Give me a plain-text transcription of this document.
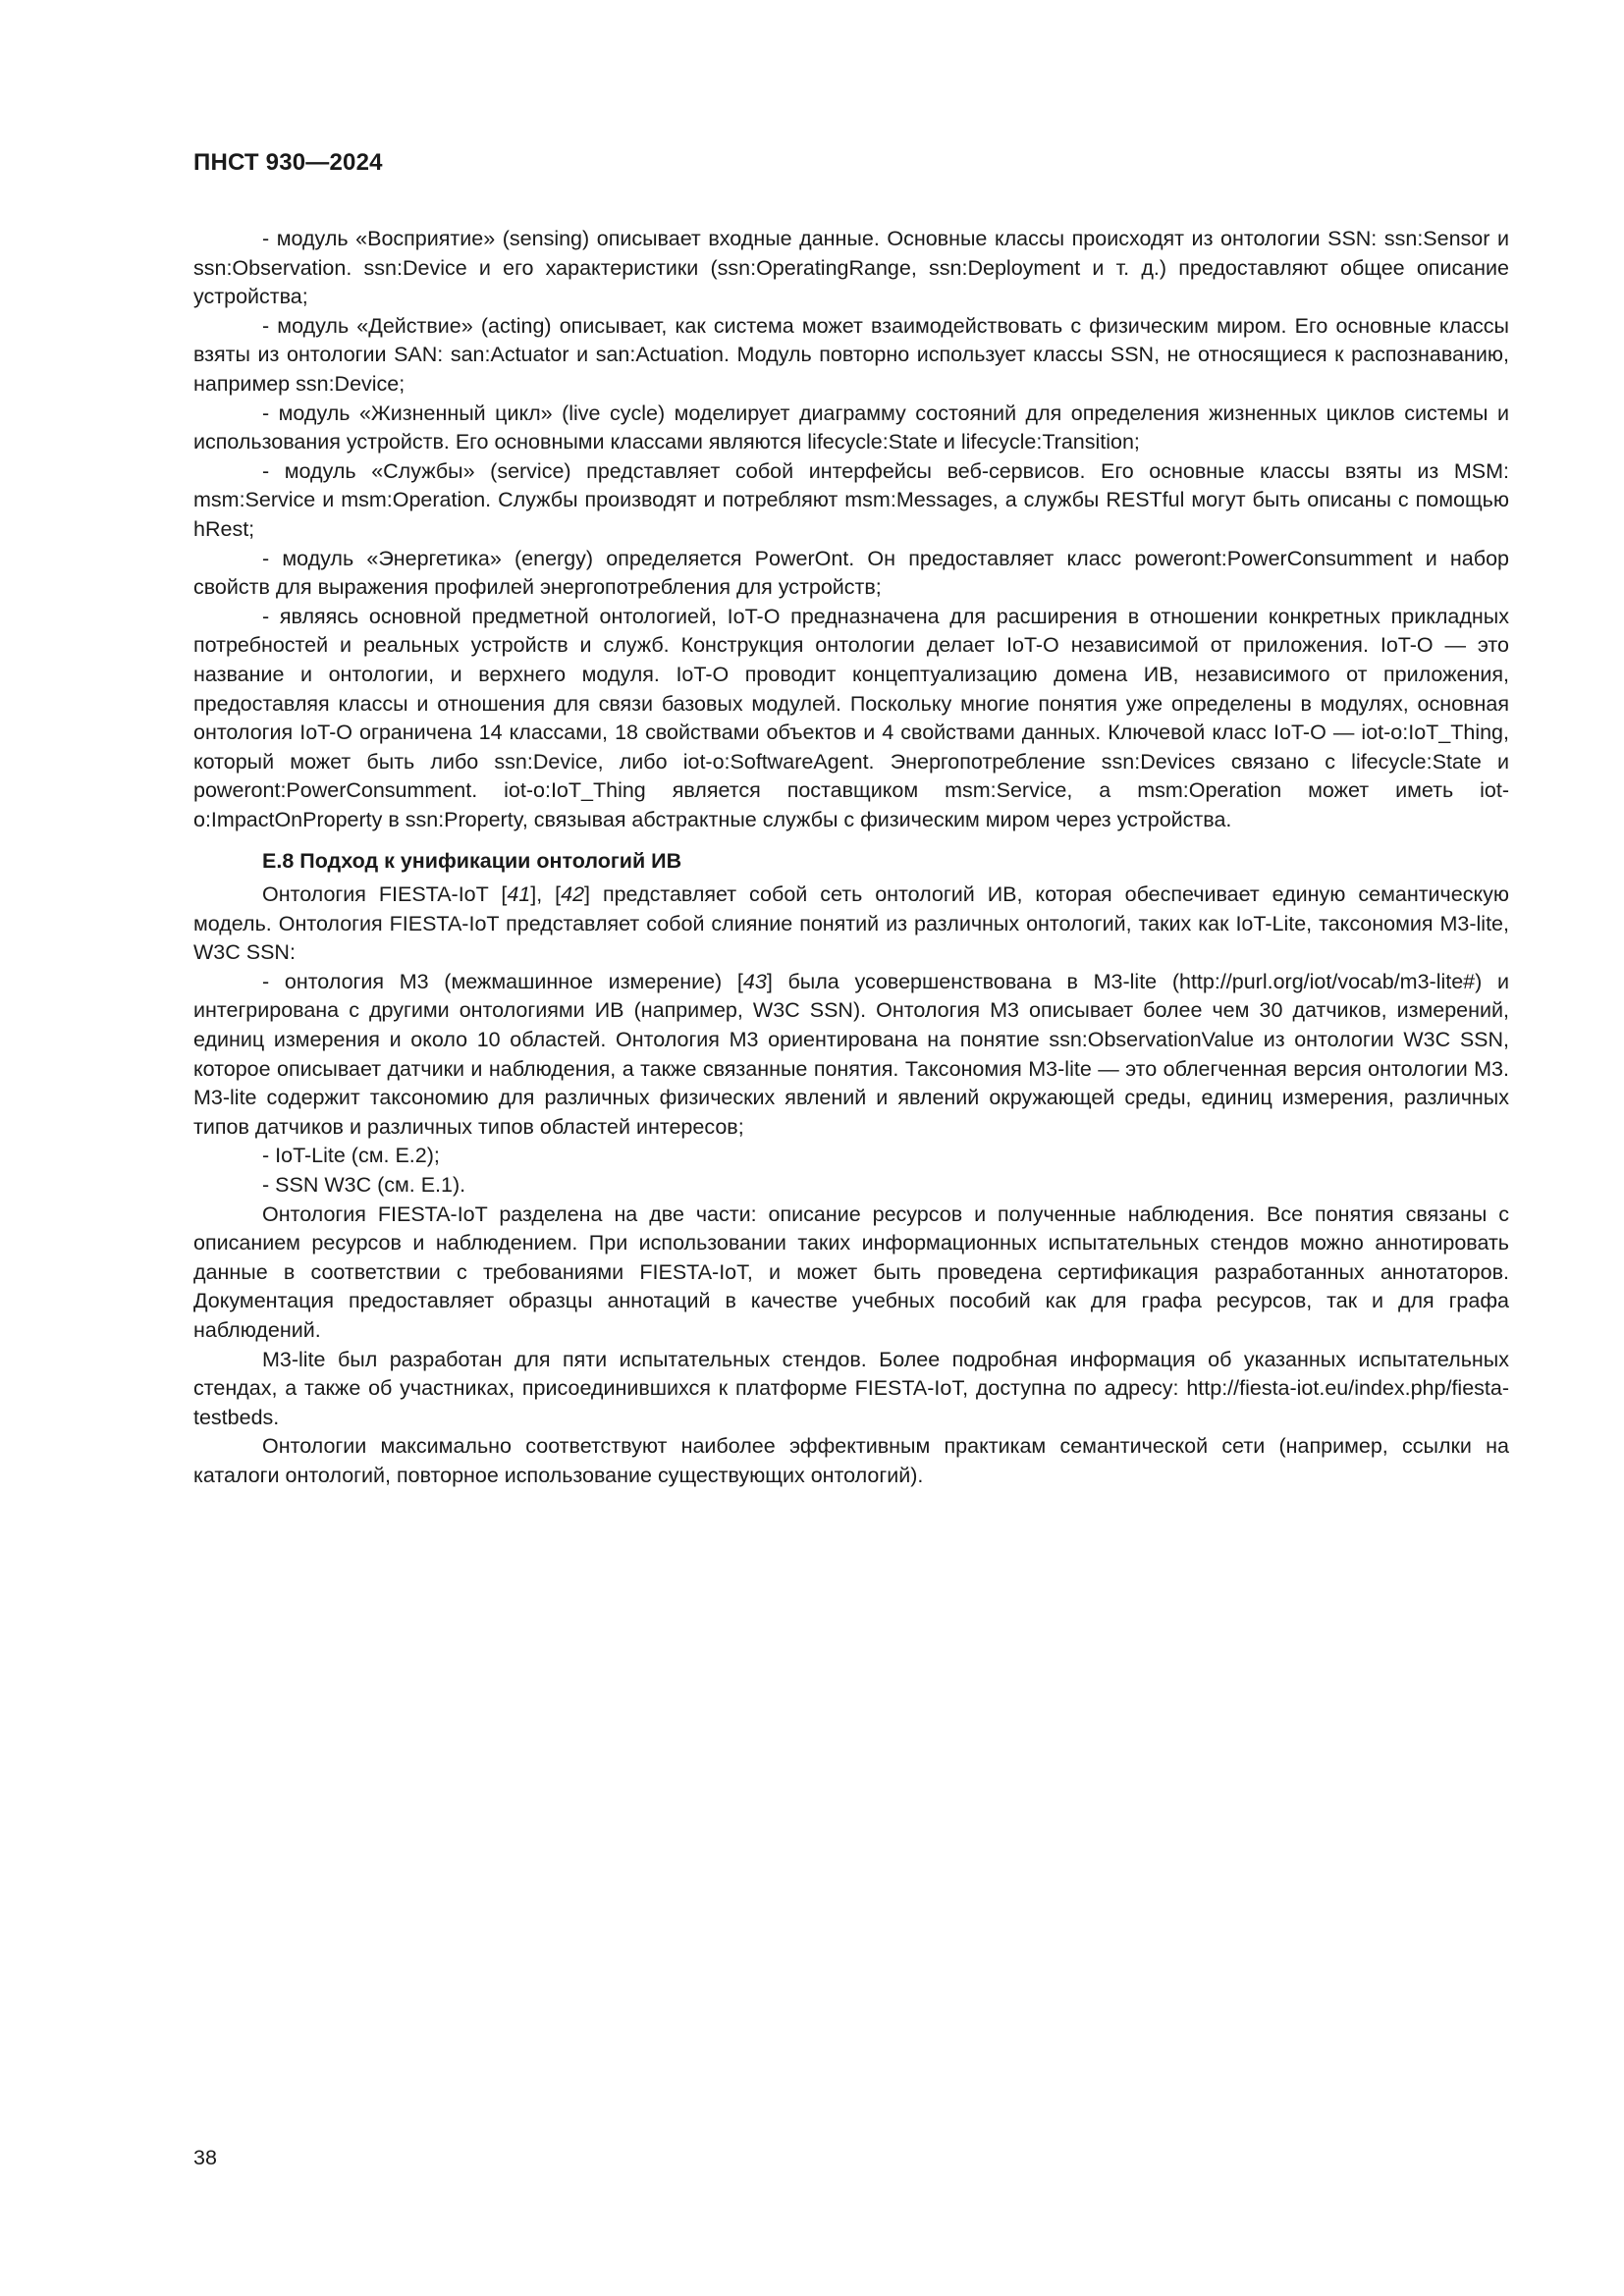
ПНСТ 930—2024

- модуль «Восприятие» (sensing) описывает входные данные. Основные классы происходят из онтологии SSN: ssn:Sensor и ssn:Observation. ssn:Device и его характеристики (ssn:OperatingRange, ssn:Deployment и т. д.) предоставляют общее описание устройства;

- модуль «Действие» (acting) описывает, как система может взаимодействовать с физическим миром. Его основные классы взяты из онтологии SAN: san:Actuator и san:Actuation. Модуль повторно использует классы SSN, не относящиеся к распознаванию, например ssn:Device;

- модуль «Жизненный цикл» (live cycle) моделирует диаграмму состояний для определения жизненных циклов системы и использования устройств. Его основными классами являются lifecycle:State и lifecycle:Transition;

- модуль «Службы» (service) представляет собой интерфейсы веб-сервисов. Его основные классы взяты из MSM: msm:Service и msm:Operation. Службы производят и потребляют msm:Messages, а службы RESTful могут быть описаны с помощью hRest;

- модуль «Энергетика» (energy) определяется PowerOnt. Он предоставляет класс poweront:PowerConsumment и набор свойств для выражения профилей энергопотребления для устройств;

- являясь основной предметной онтологией, IoT-O предназначена для расширения в отношении конкретных прикладных потребностей и реальных устройств и служб. Конструкция онтологии делает IoT-O независимой от приложения. IoT-O — это название и онтологии, и верхнего модуля. IoT-O проводит концептуализацию домена ИВ, независимого от приложения, предоставляя классы и отношения для связи базовых модулей. Поскольку многие понятия уже определены в модулях, основная онтология IoT-O ограничена 14 классами, 18 свойствами объектов и 4 свойствами данных. Ключевой класс IoT-O — iot-o:IoT_Thing, который может быть либо ssn:Device, либо iot-o:SoftwareAgent. Энергопотребление ssn:Devices связано с lifecycle:State и poweront:PowerConsumment. iot-o:IoT_Thing является поставщиком msm:Service, а msm:Operation может иметь iot-o:ImpactOnProperty в ssn:Property, связывая абстрактные службы с физическим миром через устройства.

Е.8 Подход к унификации онтологий ИВ

Онтология FIESTA-IoT [41], [42] представляет собой сеть онтологий ИВ, которая обеспечивает единую семантическую модель. Онтология FIESTA-IoT представляет собой слияние понятий из различных онтологий, таких как IoT-Lite, таксономия M3-lite, W3C SSN:

- онтология M3 (межмашинное измерение) [43] была усовершенствована в M3-lite (http://purl.org/iot/vocab/m3-lite#) и интегрирована с другими онтологиями ИВ (например, W3C SSN). Онтология M3 описывает более чем 30 датчиков, измерений, единиц измерения и около 10 областей. Онтология M3 ориентирована на понятие ssn:ObservationValue из онтологии W3C SSN, которое описывает датчики и наблюдения, а также связанные понятия. Таксономия M3-lite — это облегченная версия онтологии M3. M3-lite содержит таксономию для различных физических явлений и явлений окружающей среды, единиц измерения, различных типов датчиков и различных типов областей интересов;

- IoT-Lite (см. Е.2);

- SSN W3C (см. Е.1).

Онтология FIESTA-IoT разделена на две части: описание ресурсов и полученные наблюдения. Все понятия связаны с описанием ресурсов и наблюдением. При использовании таких информационных испытательных стендов можно аннотировать данные в соответствии с требованиями FIESTA-IoT, и может быть проведена сертификация разработанных аннотаторов. Документация предоставляет образцы аннотаций в качестве учебных пособий как для графа ресурсов, так и для графа наблюдений.

M3-lite был разработан для пяти испытательных стендов. Более подробная информация об указанных испытательных стендах, а также об участниках, присоединившихся к платформе FIESTA-IoT, доступна по адресу: http://fiesta-iot.eu/index.php/fiesta-testbeds.

Онтологии максимально соответствуют наиболее эффективным практикам семантической сети (например, ссылки на каталоги онтологий, повторное использование существующих онтологий).

38
